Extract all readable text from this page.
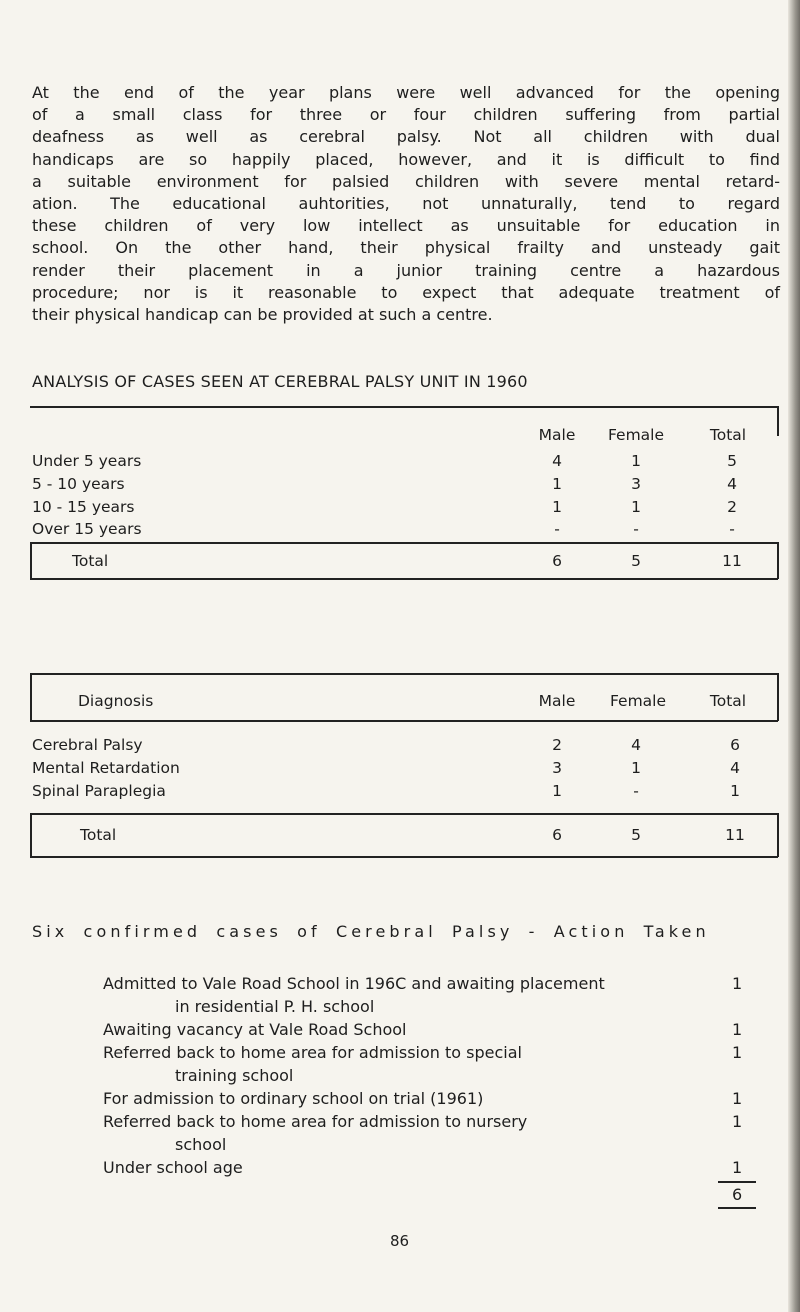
At the end of the year plans were well advanced for the opening
of a small class for three or four children suffering from partial
deafness as well as cerebral palsy. Not all children with dual
handicaps are so happily placed, however, and it is difficult to find
a suitable environment for palsied children with severe mental retard-
ation. The educational auhtorities, not unnaturally, tend to regard
these children of very low intellect as unsuitable for education in
school. On the other hand, their physical frailty and unsteady gait
render their placement in a junior training centre a hazardous
procedure; nor is it reasonable to expect that adequate treatment of
their physical handicap can be provided at such a centre.
ANALYSIS OF CASES SEEN AT CEREBRAL PALSY UNIT IN 1960
Male	Female	Total
Under 5 years	4	1	5
5 - 10 years	1	3	4
10 - 15 years	1	1	2
Over 15 years	-	-	-
Total	6	5	11
Diagnosis	Male	Female	Total
Cerebral Palsy	2	4	6
Mental Retardation	3	1	4
Spinal Paraplegia	1	-	1
Total	6	5	11
Six confirmed cases of Cerebral Palsy - Action Taken
Admitted to Vale Road School in 196C and awaiting placement
in residential P. H. school
1
Awaiting vacancy at Vale Road School	1
Referred back to home area for admission to special
training school
1
For admission to ordinary school on trial (1961)	1
Referred back to home area for admission to nursery
school
1
Under school age	1
6
86
